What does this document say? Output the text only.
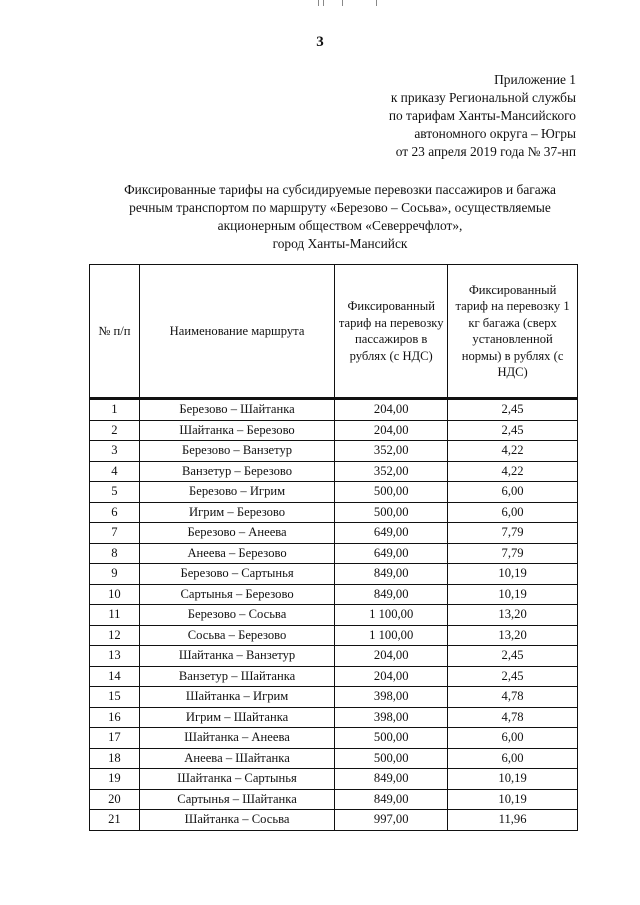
3
Приложение 1
к приказу Региональной службы
по тарифам Ханты-Мансийского
автономного округа – Югры
от 23 апреля 2019 года № 37-нп
Фиксированные тарифы на субсидируемые перевозки пассажиров и багажа
речным транспортом по маршруту «Березово – Сосьва», осуществляемые
акционерным обществом «Северречфлот»,
город Ханты-Мансийск
№ п/п	Наименование маршрута	Фиксированный тариф на перевозку пассажиров в рублях (с НДС)	Фиксированный тариф на перевозку 1 кг багажа (сверх установленной нормы) в рублях (с НДС)
1	Березово – Шайтанка	204,00	2,45
2	Шайтанка – Березово	204,00	2,45
3	Березово – Ванзетур	352,00	4,22
4	Ванзетур – Березово	352,00	4,22
5	Березово – Игрим	500,00	6,00
6	Игрим – Березово	500,00	6,00
7	Березово – Анеева	649,00	7,79
8	Анеева – Березово	649,00	7,79
9	Березово – Сартынья	849,00	10,19
10	Сартынья – Березово	849,00	10,19
11	Березово – Сосьва	1 100,00	13,20
12	Сосьва – Березово	1 100,00	13,20
13	Шайтанка – Ванзетур	204,00	2,45
14	Ванзетур – Шайтанка	204,00	2,45
15	Шайтанка – Игрим	398,00	4,78
16	Игрим – Шайтанка	398,00	4,78
17	Шайтанка – Анеева	500,00	6,00
18	Анеева – Шайтанка	500,00	6,00
19	Шайтанка – Сартынья	849,00	10,19
20	Сартынья – Шайтанка	849,00	10,19
21	Шайтанка – Сосьва	997,00	11,96
